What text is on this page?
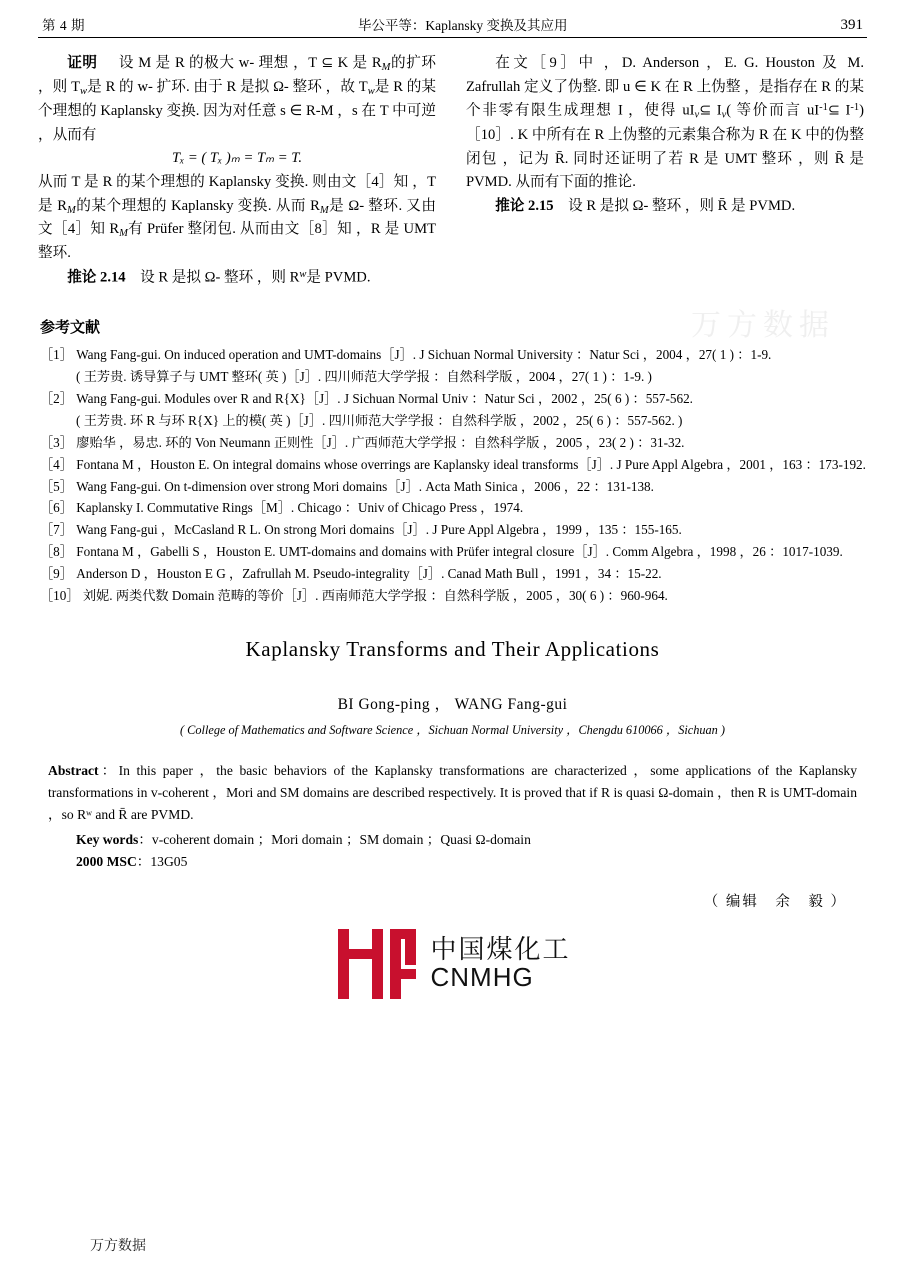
第 4 期	毕公平等：Kaplansky 变换及其应用	391
万方数据

证明 设 M 是 R 的极大 w- 理想 ，T ⊆ K 是 $R_M$的扩环 ，则 $T_w$是 R 的 w- 扩环. 由于 R 是拟 Ω- 整环 ，故 $T_w$是 R 的某个理想的 Kaplansky 变换. 因为对任意 s ∈ R-M ，s 在 T 中可逆 ，从而有

Tₓ = ( Tₓ )ₘ = Tₘ = T.

从而 T 是 R 的某个理想的 Kaplansky 变换. 则由文［4］知 ，T 是 $R_M$的某个理想的 Kaplansky 变换. 从而 $R_M$是 Ω- 整环. 又由文［4］知 $R_M$有 Prüfer 整闭包. 从而由文［8］知 ，R 是 UMT 整环.

推论 2.14 设 R 是拟 Ω- 整环 ，则 $R^w$是 PVMD.

在文［9］中 ，D. Anderson ，E. G. Houston 及 M. Zafrullah 定义了伪整. 即 u ∈ K 在 R 上伪整 ，是指存在 R 的某个非零有限生成理想 I ，使得 $uI_v⊆$ $I_v$( 等价而言 $uI^{-1}⊆$ $I^{-1})[10]$. K 中所有在 R 上伪整的元素集合称为 R 在 K 中的伪整闭包 ，记为 R̄. 同时还证明了若 R 是 UMT 整环 ，则 R̄ 是 PVMD. 从而有下面的推论.

推论 2.15 设 R 是拟 Ω- 整环 ，则 R̄ 是 PVMD.

参考文献
［1］ Wang Fang-gui. On induced operation and UMT-domains［J］. J Sichuan Normal University ：Natur Sci ，2004 ，27( 1 ) ：1-9.
( 王芳贵. 诱导算子与 UMT 整环( 英 )［J］. 四川师范大学学报 ：自然科学版 ，2004 ，27( 1 ) ：1-9. )
［2］ Wang Fang-gui. Modules over R and R{X}［J］. J Sichuan Normal Univ ：Natur Sci ，2002 ，25( 6 ) ：557-562.
( 王芳贵. 环 R 与环 R{X} 上的模( 英 )［J］. 四川师范大学学报 ：自然科学版 ，2002 ，25( 6 ) ：557-562. )
［3］ 廖贻华 ，易忠. 环的 Von Neumann 正则性［J］. 广西师范大学学报 ：自然科学版 ，2005 ，23( 2 ) ：31-32.
［4］ Fontana M ，Houston E. On integral domains whose overrings are Kaplansky ideal transforms［J］. J Pure Appl Algebra ，2001 ，163 ：173-192.
［5］ Wang Fang-gui. On t-dimension over strong Mori domains［J］. Acta Math Sinica ，2006 ，22 ：131-138.
［6］ Kaplansky I. Commutative Rings［M］. Chicago ：Univ of Chicago Press ，1974.
［7］ Wang Fang-gui ，McCasland R L. On strong Mori domains［J］. J Pure Appl Algebra ，1999 ，135 ：155-165.
［8］ Fontana M ，Gabelli S ，Houston E. UMT-domains and domains with Prüfer integral closure［J］. Comm Algebra ，1998 ，26 ：1017-1039.
［9］ Anderson D ，Houston E G ，Zafrullah M. Pseudo-integrality［J］. Canad Math Bull ，1991 ，34 ：15-22.
［10］ 刘妮. 两类代数 Domain 范畴的等价［J］. 西南师范大学学报 ：自然科学版 ，2005 ，30( 6 ) ：960-964.
Kaplansky Transforms and Their Applications
BI Gong-ping ， WANG Fang-gui
( College of Mathematics and Software Science ，Sichuan Normal University ，Chengdu 610066 ，Sichuan )
Abstract：In this paper ，the basic behaviors of the Kaplansky transformations are characterized ，some applications of the Kaplansky transformations in v-coherent ，Mori and SM domains are described respectively. It is proved that if R is quasi Ω-domain ，then R is UMT-domain ，so Rʷ and R̄ are PVMD.
Key words：v-coherent domain ；Mori domain ；SM domain ；Quasi Ω-domain
2000 MSC：13G05
（ 编辑　余　毅 ）
中国煤化工
CNMHG
万方数据
